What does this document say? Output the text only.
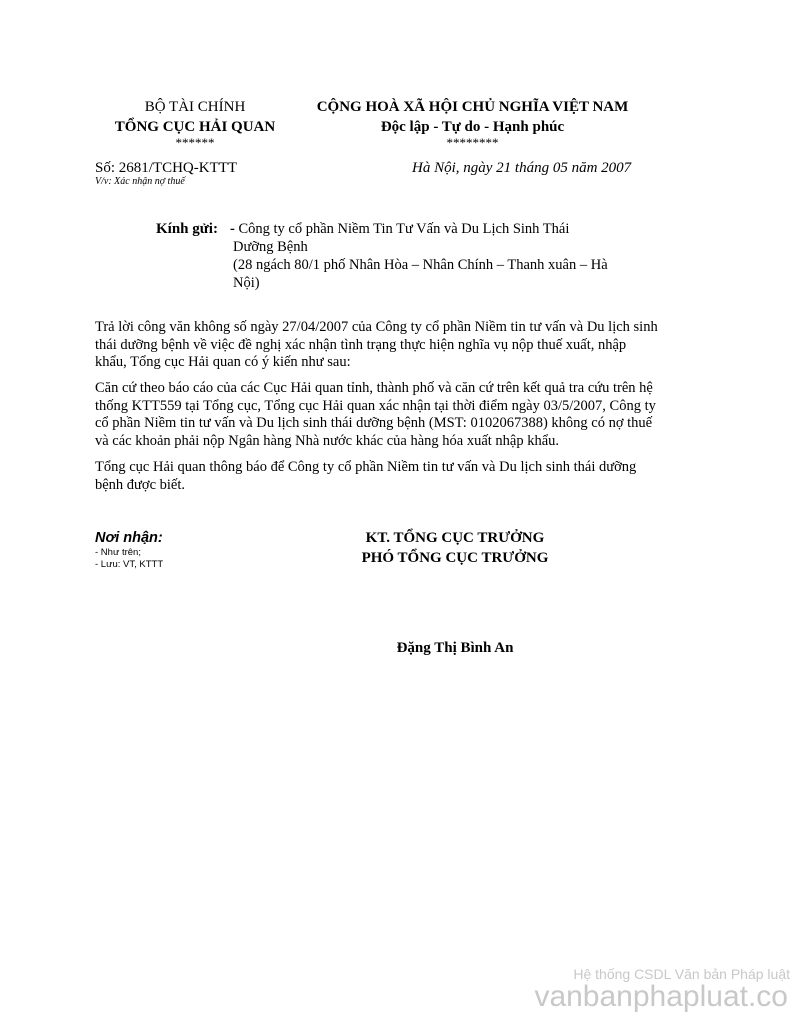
BỘ TÀI CHÍNH
TỔNG CỤC HẢI QUAN
******
CỘNG HOÀ XÃ HỘI CHỦ NGHĨA VIỆT NAM
Độc lập - Tự do - Hạnh phúc
********
Số: 2681/TCHQ-KTTT
V/v: Xác nhận nợ thuế
Hà Nội, ngày 21 tháng 05 năm 2007
Kính gửi: - Công ty cổ phần Niềm Tin Tư Vấn và Du Lịch Sinh Thái
Dưỡng Bệnh
(28 ngách 80/1 phố Nhân Hòa – Nhân Chính – Thanh xuân – Hà
Nội)
Trả lời công văn không số ngày 27/04/2007 của Công ty cổ phần Niềm tin tư vấn và Du lịch sinh
thái dưỡng bệnh về việc đề nghị xác nhận tình trạng thực hiện nghĩa vụ nộp thuế xuất, nhập
khẩu, Tổng cục Hải quan có ý kiến như sau:
Căn cứ theo báo cáo của các Cục Hải quan tỉnh, thành phố và căn cứ trên kết quả tra cứu trên hệ
thống KTT559 tại Tổng cục, Tổng cục Hải quan xác nhận tại thời điểm ngày 03/5/2007, Công ty
cổ phần Niềm tin tư vấn và Du lịch sinh thái dưỡng bệnh (MST: 0102067388) không có nợ thuế
và các khoản phải nộp Ngân hàng Nhà nước khác của hàng hóa xuất nhập khẩu.
Tổng cục Hải quan thông báo để Công ty cổ phần Niềm tin tư vấn và Du lịch sinh thái dưỡng
bệnh được biết.
Nơi nhận:
- Như trên;
- Lưu: VT, KTTT
KT. TỔNG CỤC TRƯỞNG
PHÓ TỔNG CỤC TRƯỞNG
Đặng Thị Bình An
Hệ thống CSDL Văn bản Pháp luật
vanbanphapluat.co
